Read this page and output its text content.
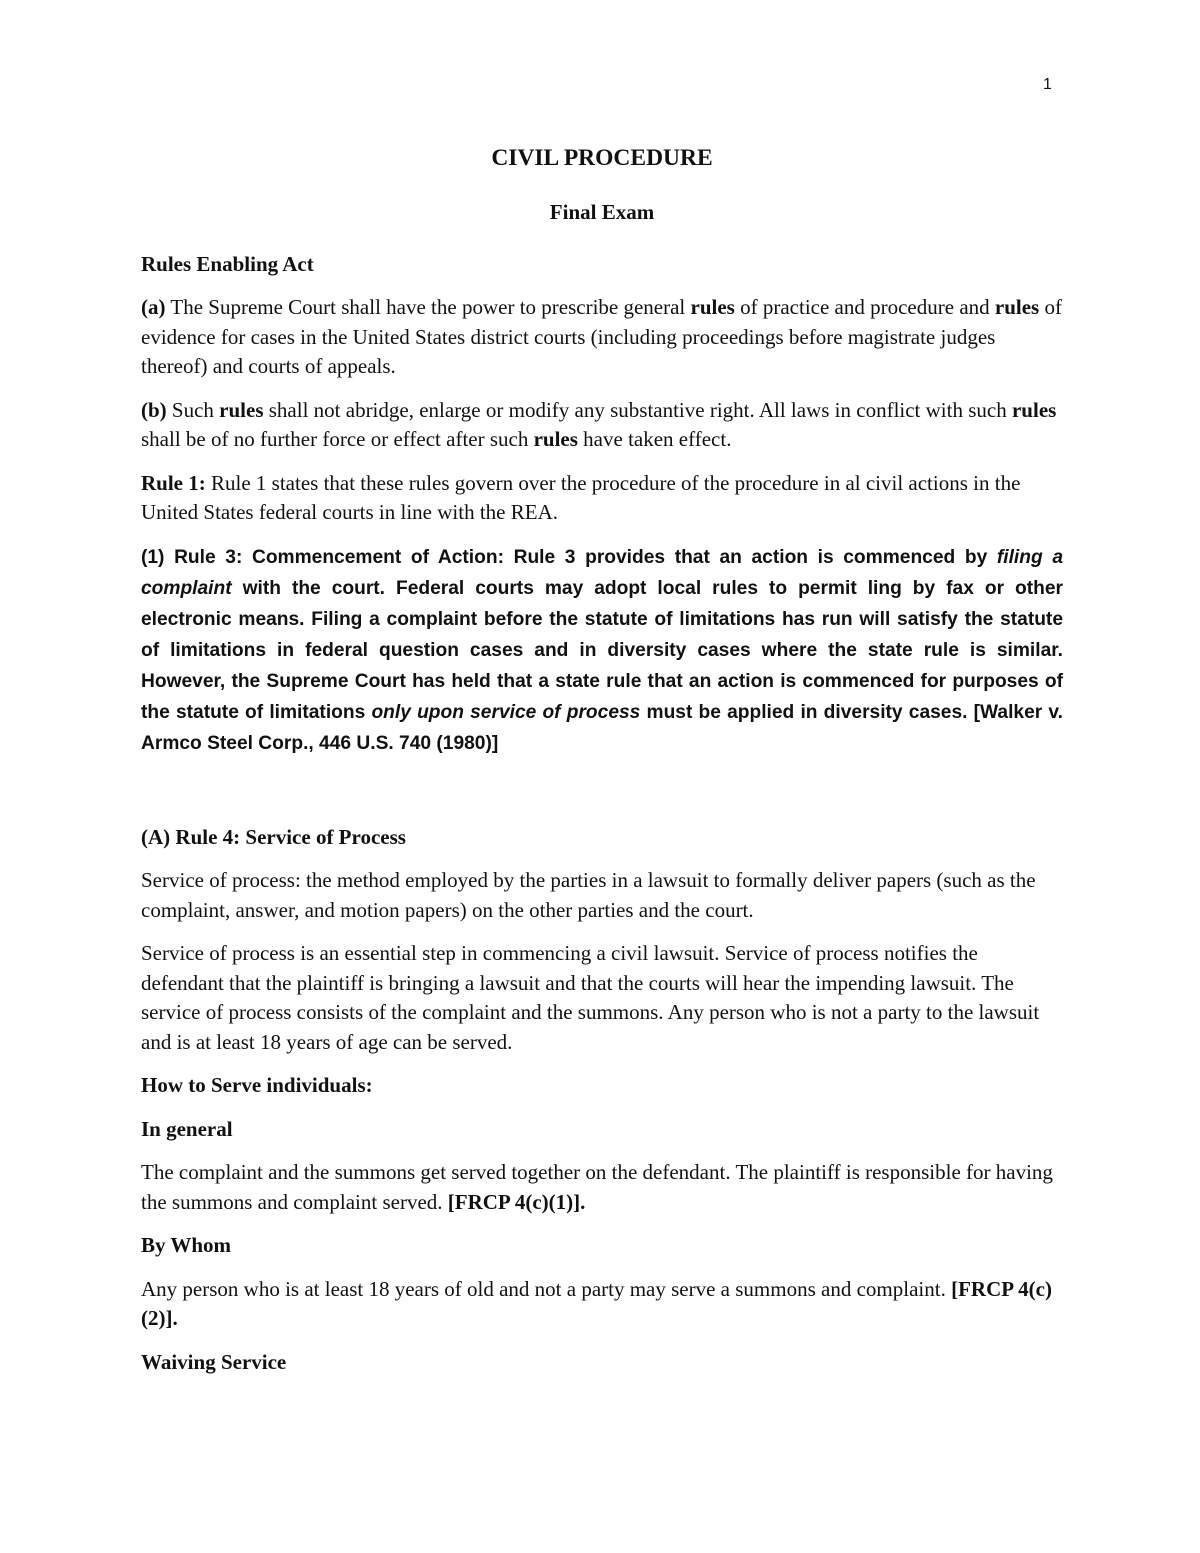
1
CIVIL PROCEDURE
Final Exam
Rules Enabling Act

(a) The Supreme Court shall have the power to prescribe general rules of practice and procedure and rules of evidence for cases in the United States district courts (including proceedings before magistrate judges thereof) and courts of appeals.

(b) Such rules shall not abridge, enlarge or modify any substantive right. All laws in conflict with such rules shall be of no further force or effect after such rules have taken effect.

Rule 1: Rule 1 states that these rules govern over the procedure of the procedure in al civil actions in the United States federal courts in line with the REA.

(1) Rule 3: Commencement of Action: Rule 3 provides that an action is commenced by filing a complaint with the court. Federal courts may adopt local rules to permit ling by fax or other electronic means. Filing a complaint before the statute of limitations has run will satisfy the statute of limitations in federal question cases and in diversity cases where the state rule is similar. However, the Supreme Court has held that a state rule that an action is commenced for purposes of the statute of limitations only upon service of process must be applied in diversity cases. [Walker v. Armco Steel Corp., 446 U.S. 740 (1980)]

(A) Rule 4: Service of Process

Service of process: the method employed by the parties in a lawsuit to formally deliver papers (such as the complaint, answer, and motion papers) on the other parties and the court.

Service of process is an essential step in commencing a civil lawsuit. Service of process notifies the defendant that the plaintiff is bringing a lawsuit and that the courts will hear the impending lawsuit. The service of process consists of the complaint and the summons. Any person who is not a party to the lawsuit and is at least 18 years of age can be served.

How to Serve individuals:
In general

The complaint and the summons get served together on the defendant. The plaintiff is responsible for having the summons and complaint served. [FRCP 4(c)(1)].

By Whom

Any person who is at least 18 years of old and not a party may serve a summons and complaint. [FRCP 4(c)(2)].

Waiving Service
